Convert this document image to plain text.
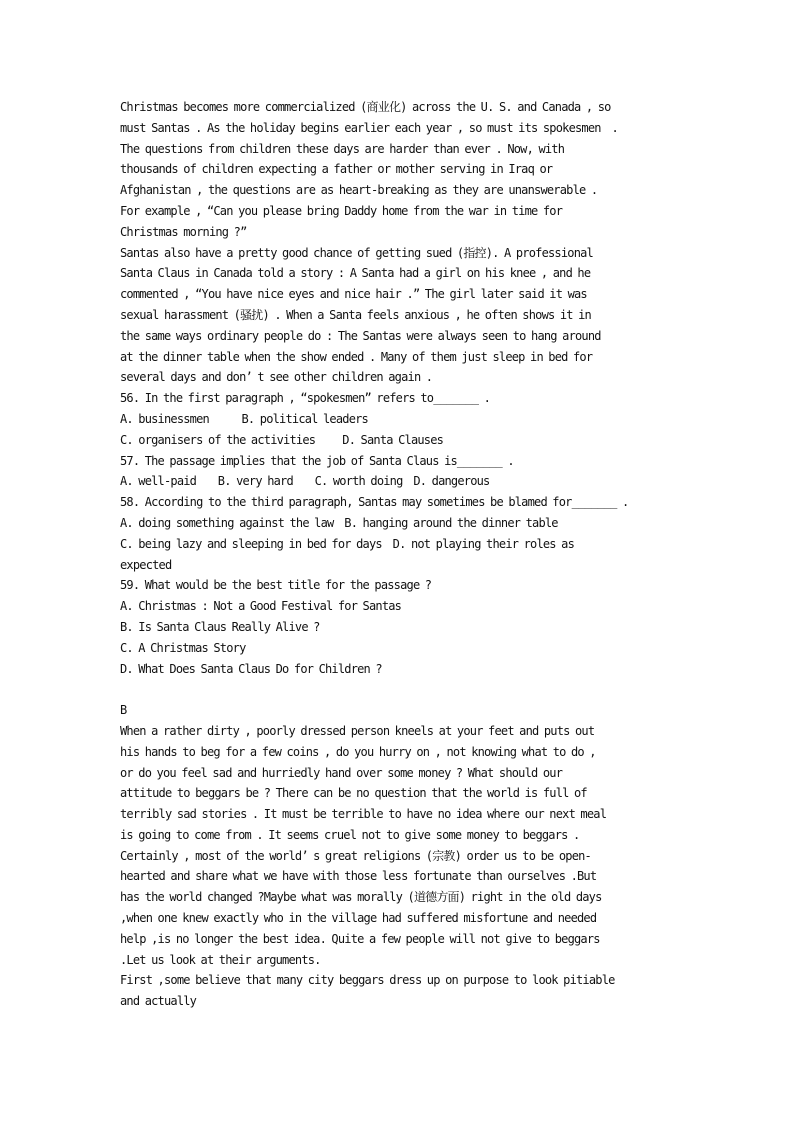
Christmas becomes more commercialized (商业化) across the U. S. and Canada , so

must Santas . As the holiday begins earlier each year , so must its spokesmen  .

The questions from children these days are harder than ever . Now, with

thousands of children expecting a father or mother serving in Iraq or

Afghanistan , the questions are as heart-breaking as they are unanswerable .

For example , “Can you please bring Daddy home from the war in time for

Christmas morning ?”

Santas also have a pretty good chance of getting sued (指控). A professional

Santa Claus in Canada told a story : A Santa had a girl on his knee , and he

commented , “You have nice eyes and nice hair .” The girl later said it was

sexual harassment (骚扰) . When a Santa feels anxious , he often shows it in

the same ways ordinary people do : The Santas were always seen to hang around

at the dinner table when the show ended . Many of them just sleep in bed for

several days and don’ t see other children again .

56. In the first paragraph , “spokesmen” refers to_______ .

A. businessmen      B. political leaders

C. organisers of the activities     D. Santa Clauses

57. The passage implies that the job of Santa Claus is_______ .

A. well-paid    B. very hard    C. worth doing  D. dangerous

58. According to the third paragraph, Santas may sometimes be blamed for_______ .

A. doing something against the law  B. hanging around the dinner table

C. being lazy and sleeping in bed for days  D. not playing their roles as

expected

59. What would be the best title for the passage ?

A. Christmas : Not a Good Festival for Santas

B. Is Santa Claus Really Alive ?

C. A Christmas Story

D. What Does Santa Claus Do for Children ?

B

When a rather dirty , poorly dressed person kneels at your feet and puts out

his hands to beg for a few coins , do you hurry on , not knowing what to do ,

or do you feel sad and hurriedly hand over some money ? What should our

attitude to beggars be ? There can be no question that the world is full of

terribly sad stories . It must be terrible to have no idea where our next meal

is going to come from . It seems cruel not to give some money to beggars .

Certainly , most of the world’ s great religions (宗教) order us to be open-

hearted and share what we have with those less fortunate than ourselves .But

has the world changed ?Maybe what was morally (道德方面) right in the old days

,when one knew exactly who in the village had suffered misfortune and needed

help ,is no longer the best idea. Quite a few people will not give to beggars

.Let us look at their arguments.

First ,some believe that many city beggars dress up on purpose to look pitiable

and actually
